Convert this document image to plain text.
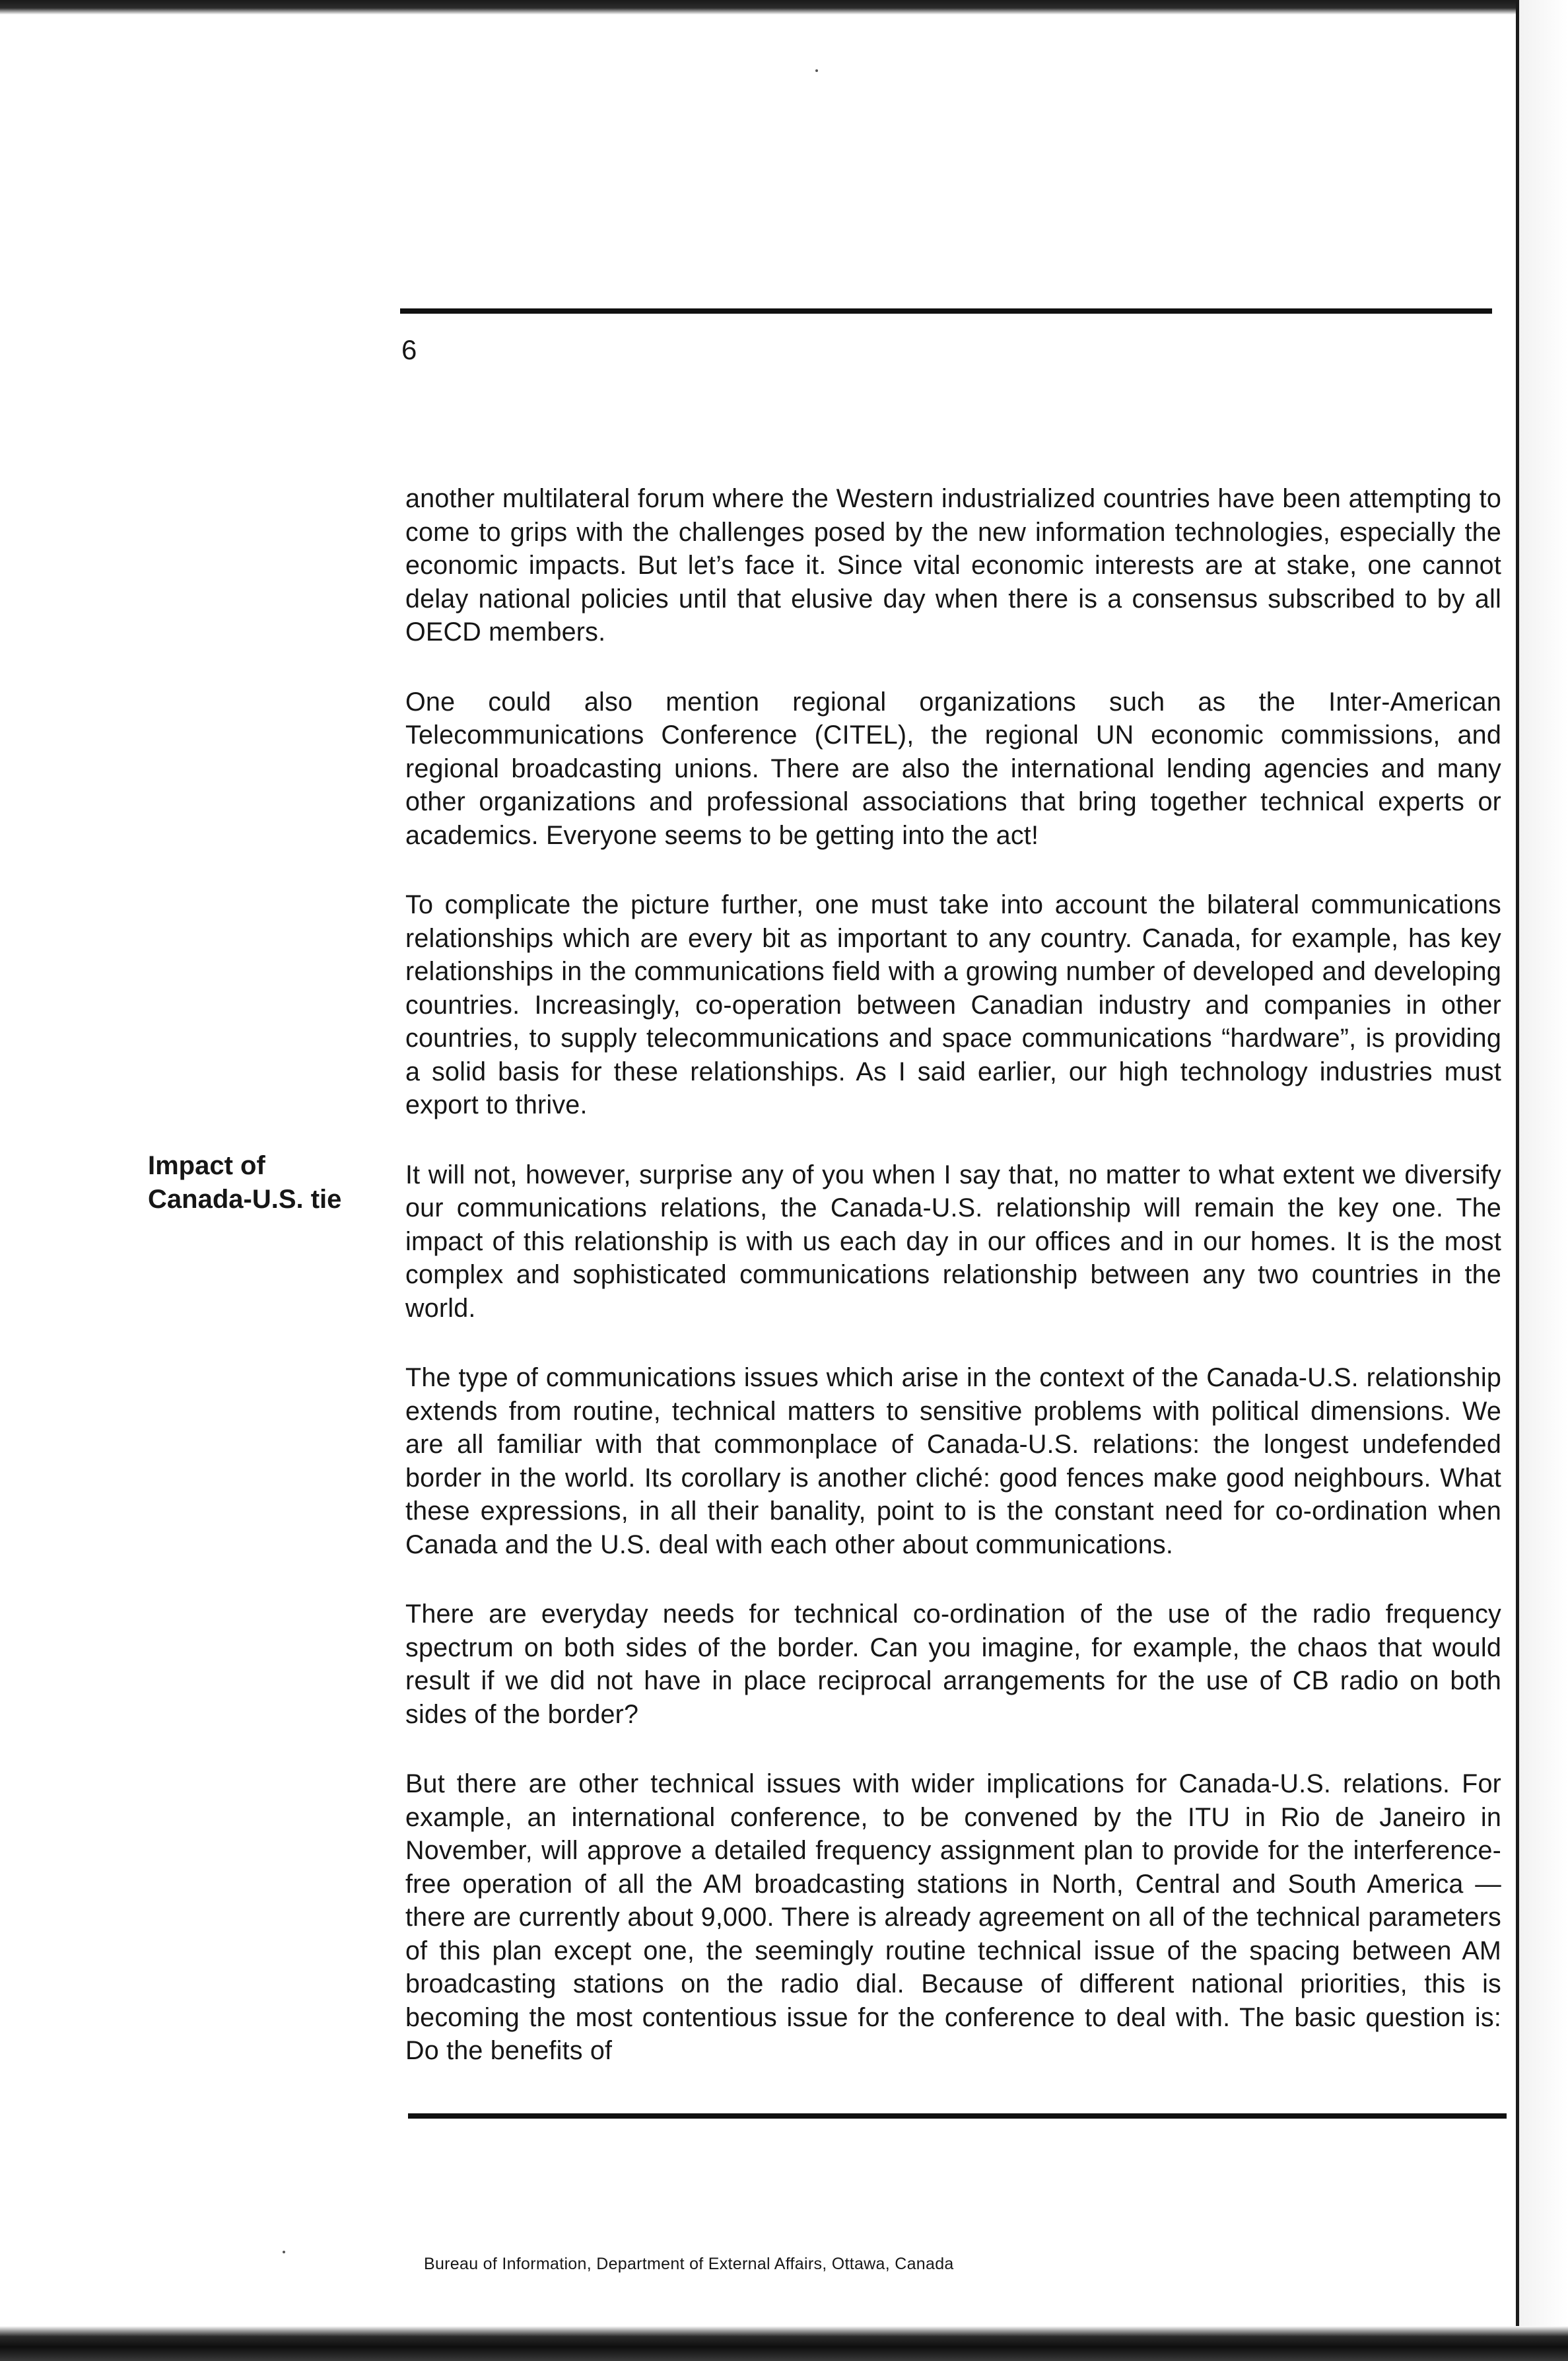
6
Impact of
Canada-U.S. tie

another multilateral forum where the Western industrialized countries have been attempting to come to grips with the challenges posed by the new information technologies, especially the economic impacts. But let’s face it. Since vital economic interests are at stake, one cannot delay national policies until that elusive day when there is a consensus subscribed to by all OECD members.

One could also mention regional organizations such as the Inter-American Telecommunications Conference (CITEL), the regional UN economic commissions, and regional broadcasting unions. There are also the international lending agencies and many other organizations and professional associations that bring together technical experts or academics. Everyone seems to be getting into the act!

To complicate the picture further, one must take into account the bilateral communications relationships which are every bit as important to any country. Canada, for example, has key relationships in the communications field with a growing number of developed and developing countries. Increasingly, co-operation between Canadian industry and companies in other countries, to supply telecommunications and space communications “hardware”, is providing a solid basis for these relationships. As I said earlier, our high technology industries must export to thrive.

It will not, however, surprise any of you when I say that, no matter to what extent we diversify our communications relations, the Canada-U.S. relationship will remain the key one. The impact of this relationship is with us each day in our offices and in our homes. It is the most complex and sophisticated communications relationship between any two countries in the world.

The type of communications issues which arise in the context of the Canada-U.S. relationship extends from routine, technical matters to sensitive problems with political dimensions. We are all familiar with that commonplace of Canada-U.S. relations: the longest undefended border in the world. Its corollary is another cliché: good fences make good neighbours. What these expressions, in all their banality, point to is the constant need for co-ordination when Canada and the U.S. deal with each other about communications.

There are everyday needs for technical co-ordination of the use of the radio frequency spectrum on both sides of the border. Can you imagine, for example, the chaos that would result if we did not have in place reciprocal arrangements for the use of CB radio on both sides of the border?

But there are other technical issues with wider implications for Canada-U.S. relations. For example, an international conference, to be convened by the ITU in Rio de Janeiro in November, will approve a detailed frequency assignment plan to provide for the interference-free operation of all the AM broadcasting stations in North, Central and South America — there are currently about 9,000. There is already agreement on all of the technical parameters of this plan except one, the seemingly routine technical issue of the spacing between AM broadcasting stations on the radio dial. Because of different national priorities, this is becoming the most contentious issue for the conference to deal with. The basic question is: Do the benefits of

Bureau of Information, Department of External Affairs, Ottawa, Canada
